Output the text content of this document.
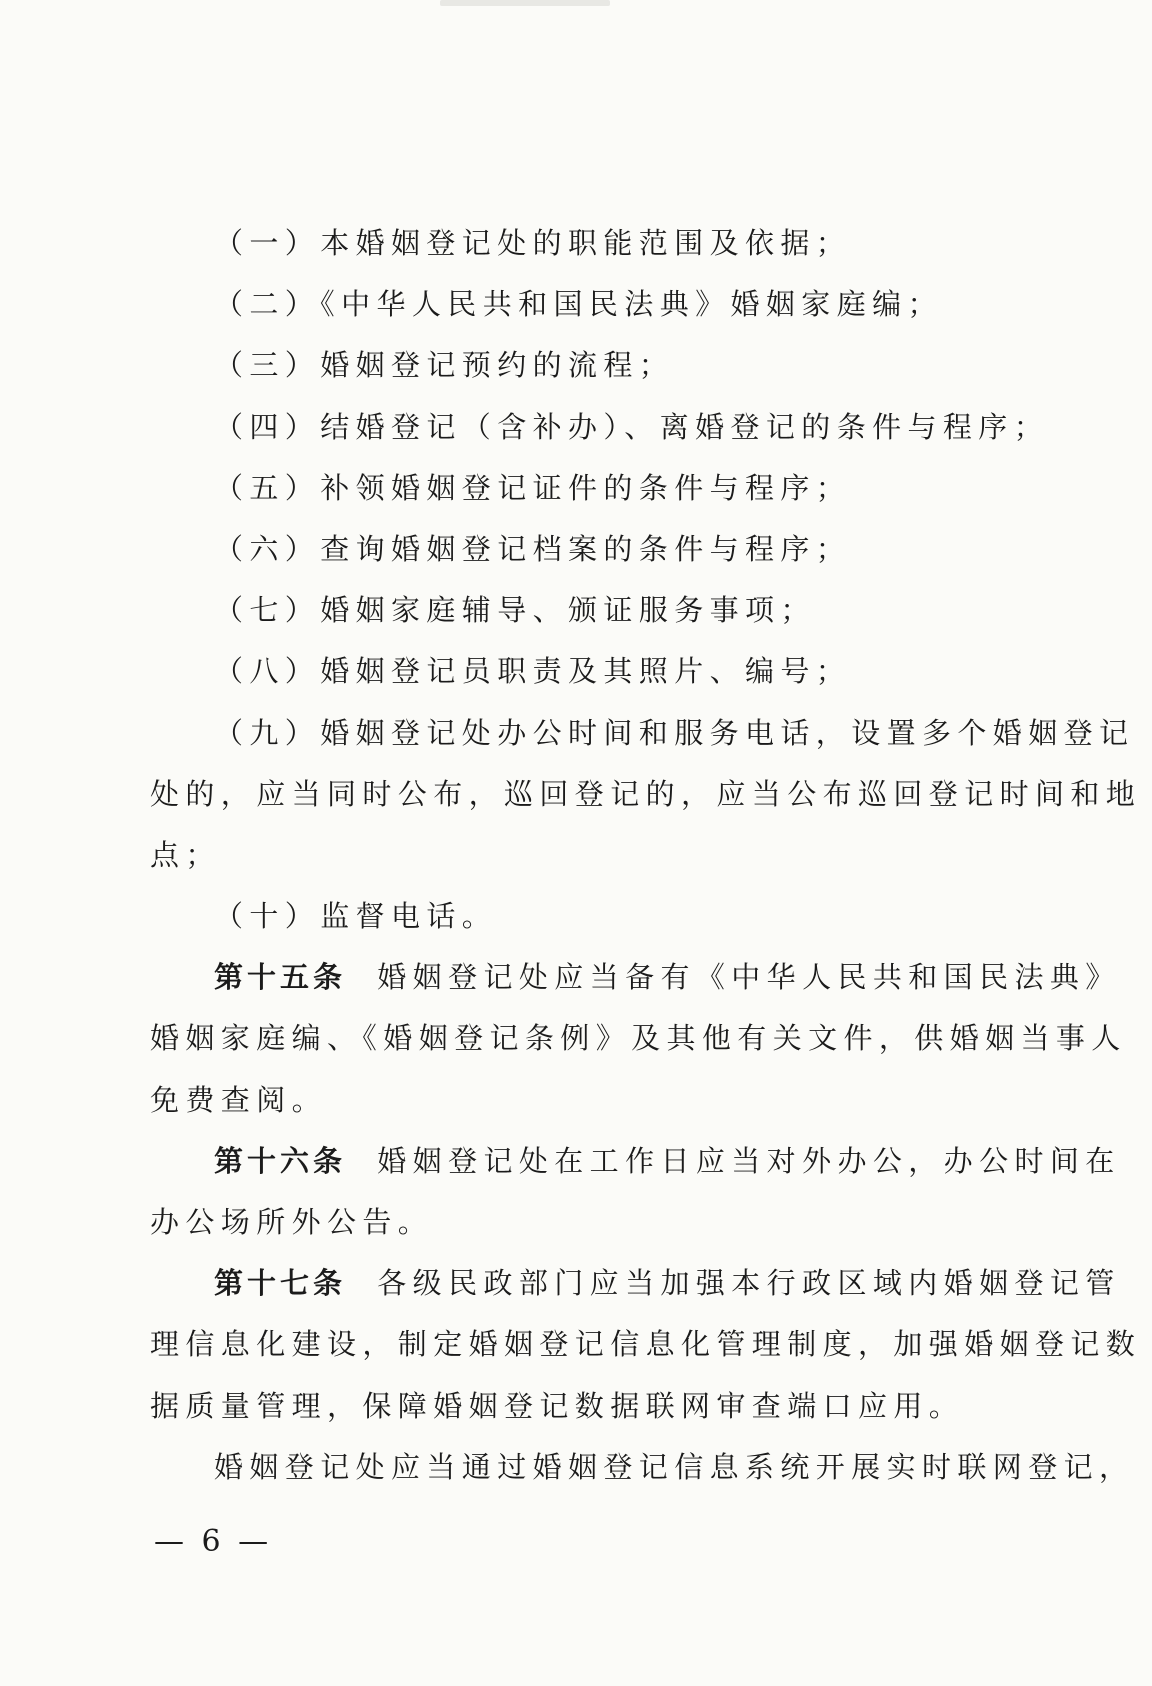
（一）本婚姻登记处的职能范围及依据；
（二）《中华人民共和国民法典》婚姻家庭编；
（三）婚姻登记预约的流程；
（四）结婚登记（含补办）、离婚登记的条件与程序；
（五）补领婚姻登记证件的条件与程序；
（六）查询婚姻登记档案的条件与程序；
（七）婚姻家庭辅导、颁证服务事项；
（八）婚姻登记员职责及其照片、编号；
（九）婚姻登记处办公时间和服务电话，设置多个婚姻登记
处的，应当同时公布，巡回登记的，应当公布巡回登记时间和地
点；
（十）监督电话。
第十五条 婚姻登记处应当备有《中华人民共和国民法典》
婚姻家庭编、《婚姻登记条例》及其他有关文件，供婚姻当事人
免费查阅。
第十六条 婚姻登记处在工作日应当对外办公，办公时间在
办公场所外公告。
第十七条 各级民政部门应当加强本行政区域内婚姻登记管
理信息化建设，制定婚姻登记信息化管理制度，加强婚姻登记数
据质量管理，保障婚姻登记数据联网审查端口应用。
婚姻登记处应当通过婚姻登记信息系统开展实时联网登记，
— 6 —
